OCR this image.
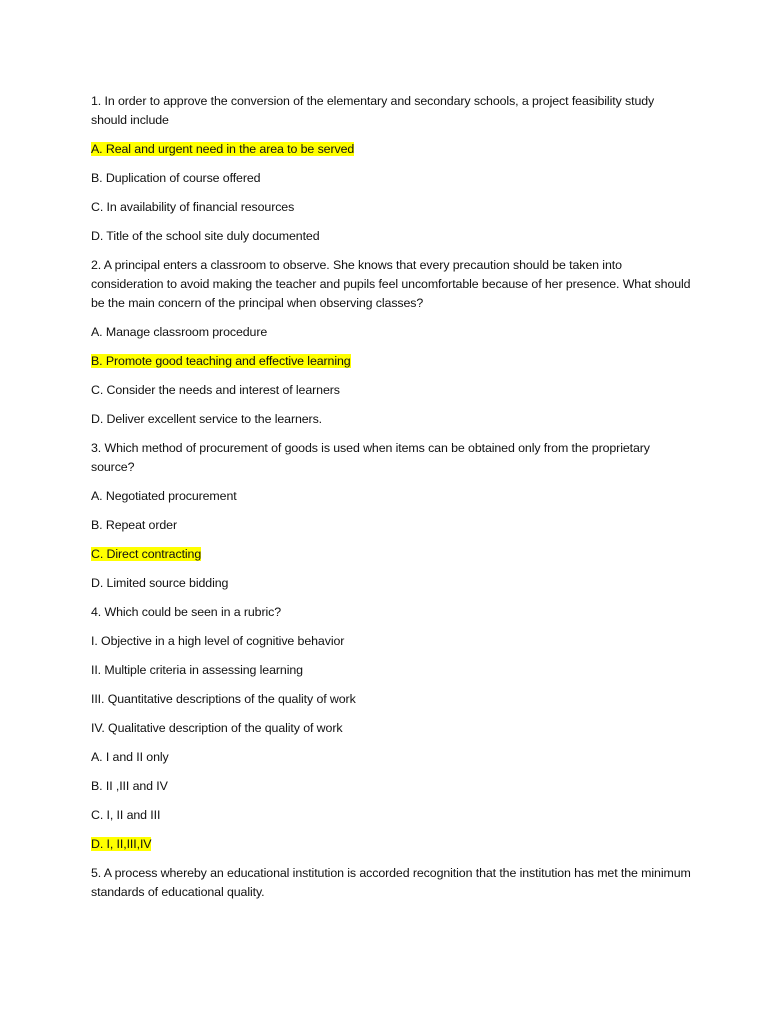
1. In order to approve the conversion of the elementary and secondary schools, a project feasibility study should include

A. Real and urgent need in the area to be served

B. Duplication of course offered

C. In availability of financial resources

D. Title of the school site duly documented

2. A principal enters a classroom to observe. She knows that every precaution should be taken into consideration to avoid making the teacher and pupils feel uncomfortable because of her presence. What should be the main concern of the principal when observing classes?

A. Manage classroom procedure

B. Promote good teaching and effective learning

C. Consider the needs and interest of learners

D. Deliver excellent service to the learners.

3. Which method of procurement of goods is used when items can be obtained only from the proprietary source?

A. Negotiated procurement

B. Repeat order

C. Direct contracting

D. Limited source bidding

4. Which could be seen in a rubric?

I. Objective in a high level of cognitive behavior

II. Multiple criteria in assessing learning

III. Quantitative descriptions of the quality of work

IV. Qualitative description of the quality of work

A. I and II only

B. II ,III and IV

C. I, II and III

D. I, II,III,IV

5. A process whereby an educational institution is accorded recognition that the institution has met the minimum standards of educational quality.
